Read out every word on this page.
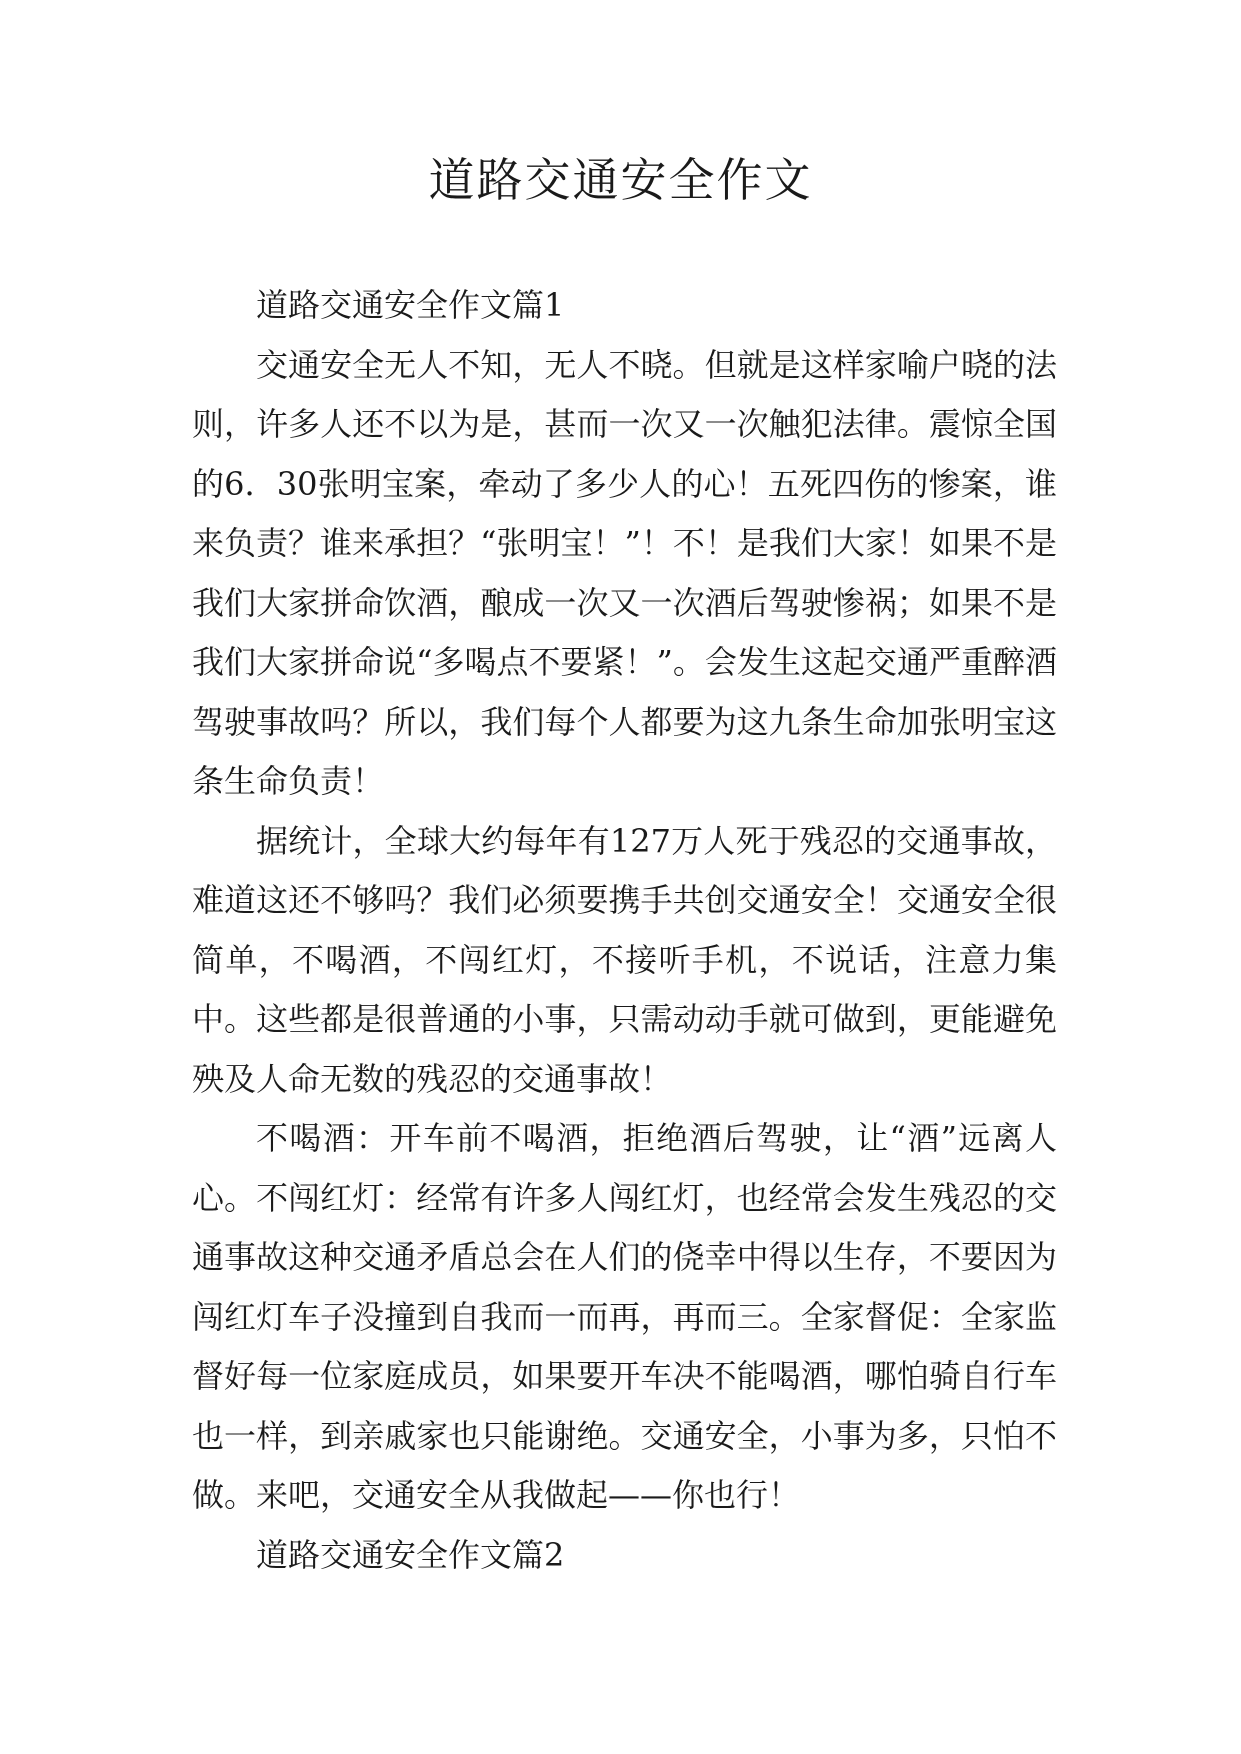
道路交通安全作文

道路交通安全作文篇1

交通安全无人不知，无人不晓。但就是这样家喻户晓的法则，许多人还不以为是，甚而一次又一次触犯法律。震惊全国的6．30张明宝案，牵动了多少人的心！五死四伤的惨案，谁来负责？谁来承担？“张明宝！”！不！是我们大家！如果不是我们大家拼命饮酒，酿成一次又一次酒后驾驶惨祸；如果不是我们大家拼命说“多喝点不要紧！”。会发生这起交通严重醉酒驾驶事故吗？所以，我们每个人都要为这九条生命加张明宝这条生命负责！

据统计，全球大约每年有127万人死于残忍的交通事故，难道这还不够吗？我们必须要携手共创交通安全！交通安全很简单，不喝酒，不闯红灯，不接听手机，不说话，注意力集中。这些都是很普通的小事，只需动动手就可做到，更能避免殃及人命无数的残忍的交通事故！

不喝酒：开车前不喝酒，拒绝酒后驾驶，让“酒”远离人心。不闯红灯：经常有许多人闯红灯，也经常会发生残忍的交通事故这种交通矛盾总会在人们的侥幸中得以生存，不要因为闯红灯车子没撞到自我而一而再，再而三。全家督促：全家监督好每一位家庭成员，如果要开车决不能喝酒，哪怕骑自行车也一样，到亲戚家也只能谢绝。交通安全，小事为多，只怕不做。来吧，交通安全从我做起——你也行！

道路交通安全作文篇2
